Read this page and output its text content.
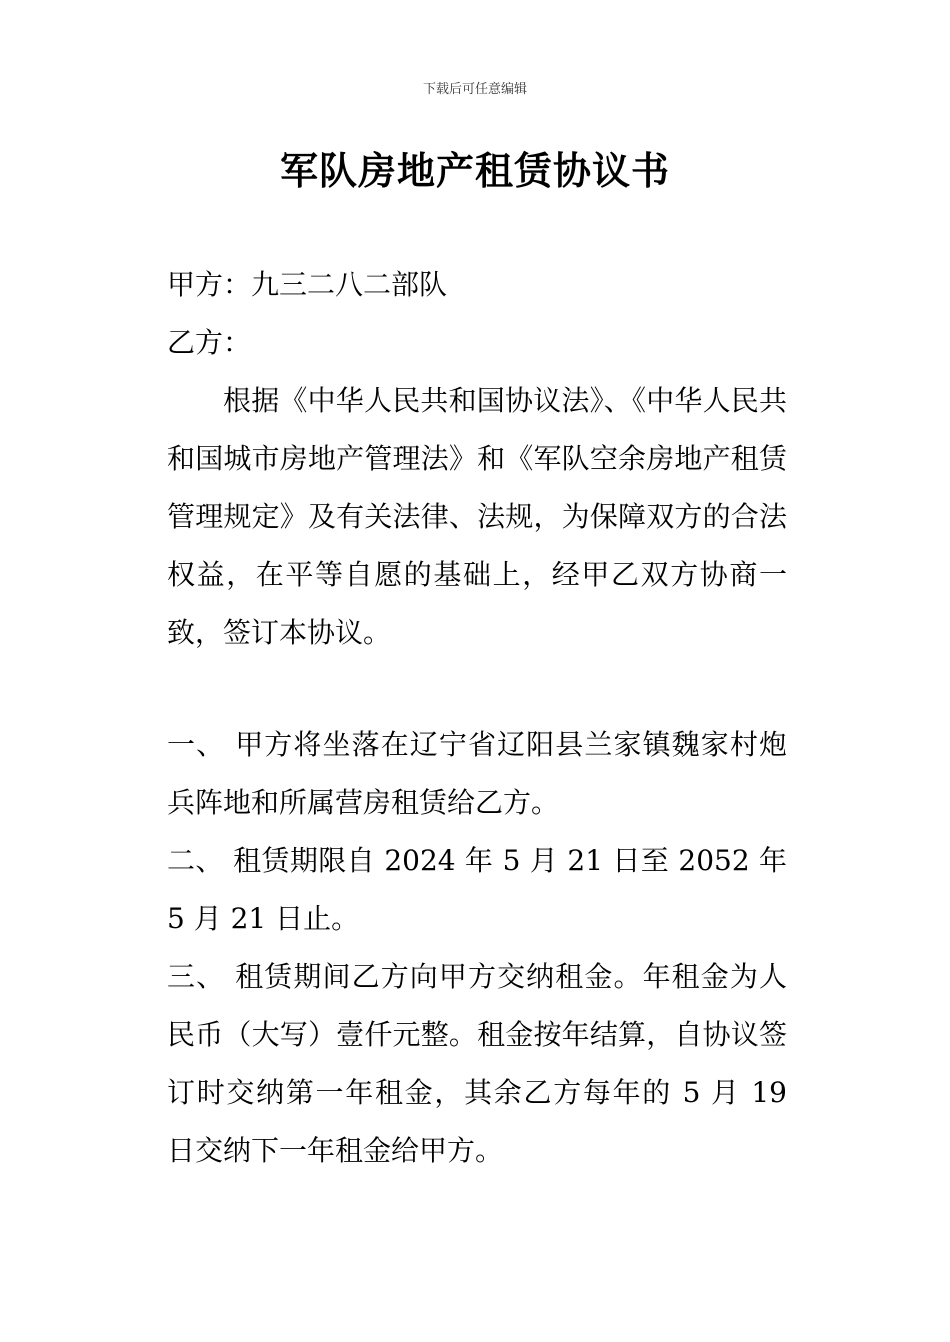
下载后可任意编辑
军队房地产租赁协议书
甲方：九三二八二部队
乙方：
根据《中华人民共和国协议法》、《中华人民共和国城市房地产管理法》和《军队空余房地产租赁管理规定》及有关法律、法规，为保障双方的合法权益，在平等自愿的基础上，经甲乙双方协商一致，签订本协议。
一、 甲方将坐落在辽宁省辽阳县兰家镇魏家村炮兵阵地和所属营房租赁给乙方。
二、 租赁期限自 2024 年 5 月 21 日至 2052 年 5 月 21 日止。
三、 租赁期间乙方向甲方交纳租金。年租金为人民币（大写）壹仟元整。租金按年结算，自协议签订时交纳第一年租金，其余乙方每年的 5 月 19 日交纳下一年租金给甲方。
